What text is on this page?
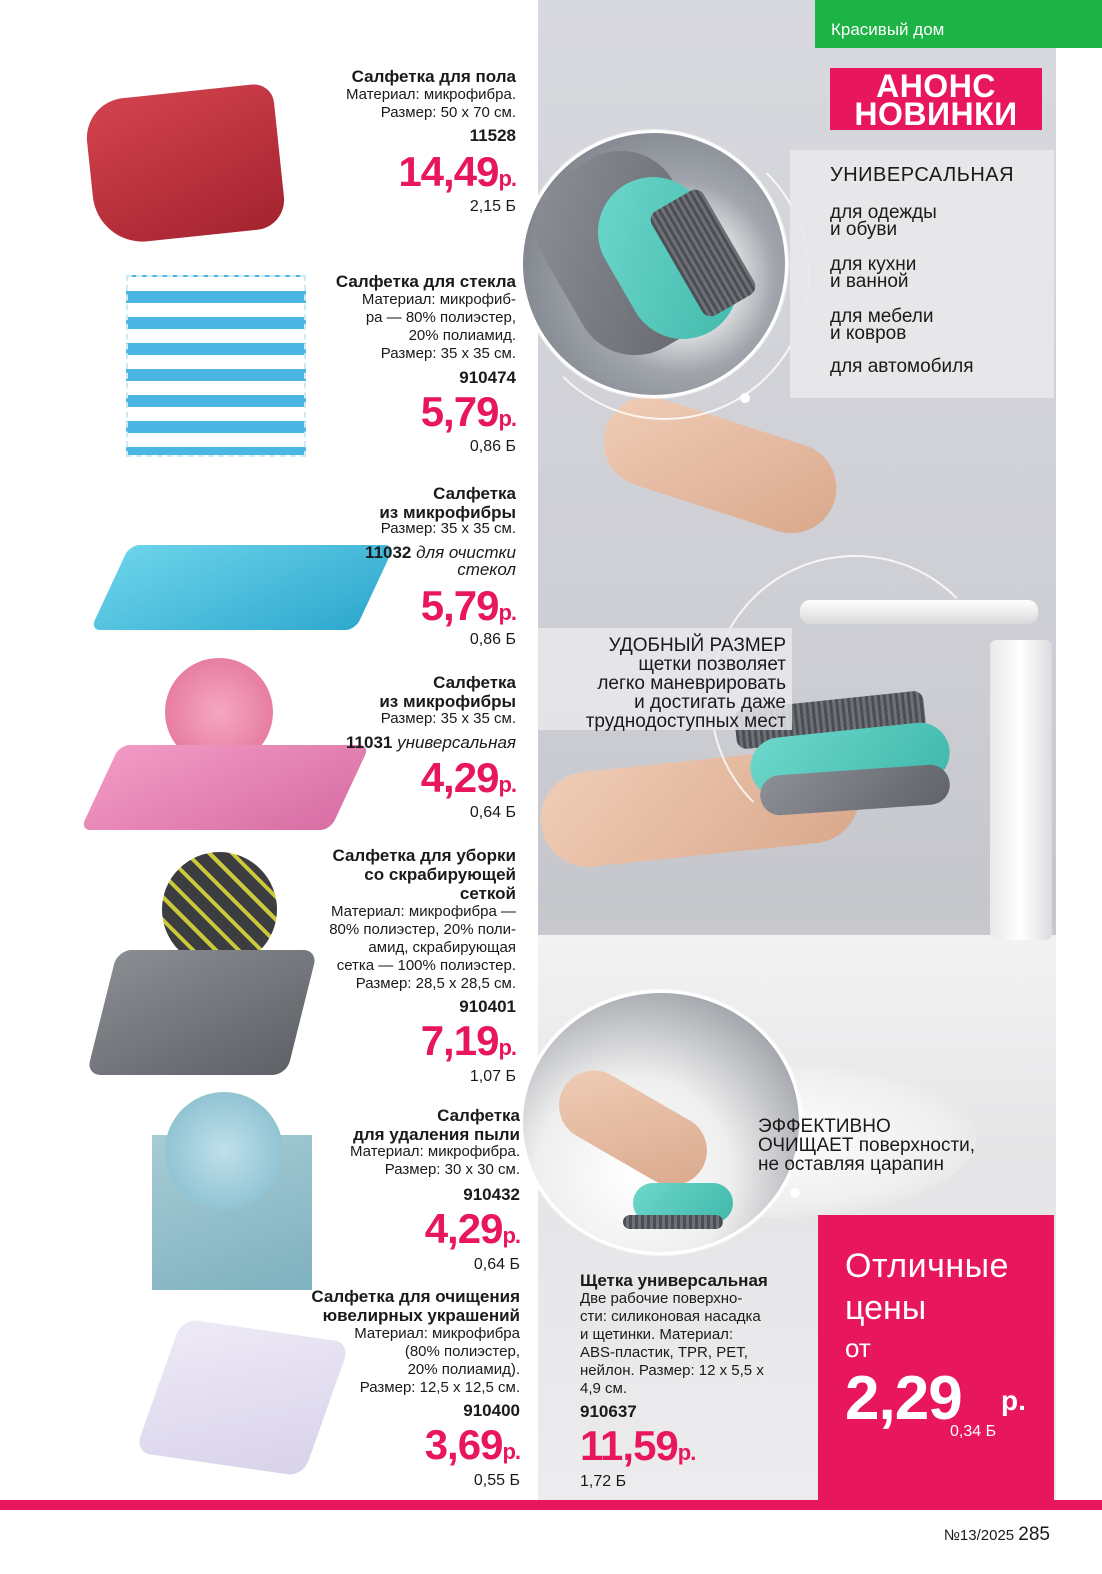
Красивый дом
АНОНС
НОВИНКИ
УНИВЕРСАЛЬНАЯ
для одежды
и обуви
для кухни
и ванной
для мебели
и ковров
для автомобиля
УДОБНЫЙ РАЗМЕР
щетки позволяет
легко маневрировать
и достигать даже
труднодоступных мест
ЭФФЕКТИВНО
ОЧИЩАЕТ поверхности,
не оставляя царапин
Салфетка для пола
Материал: микрофибра.
Размер: 50 х 70 см.
11528
14,49р.
2,15 Б
Салфетка для стекла
Материал: микрофиб-
ра — 80% полиэстер,
20% полиамид.
Размер: 35 х 35 см.
910474
5,79р.
0,86 Б
Салфетка
из микрофибры
Размер: 35 х 35 см.
11032 для очистки
стекол
5,79р.
0,86 Б
Салфетка
из микрофибры
Размер: 35 х 35 см.
11031 универсальная
4,29р.
0,64 Б
Салфетка для уборки
со скрабирующей
сеткой
Материал: микрофибра —
80% полиэстер, 20% поли-
амид, скрабирующая
сетка — 100% полиэстер.
Размер: 28,5 х 28,5 см.
910401
7,19р.
1,07 Б
Салфетка
для удаления пыли
Материал: микрофибра.
Размер: 30 х 30 см.
910432
4,29р.
0,64 Б
Салфетка для очищения
ювелирных украшений
Материал: микрофибра
(80% полиэстер,
20% полиамид).
Размер: 12,5 х 12,5 см.
910400
3,69р.
0,55 Б
Щетка универсальная
Две рабочие поверхно-
сти: силиконовая насадка
и щетинки. Материал:
ABS-пластик, TPR, PET,
нейлон. Размер: 12 х 5,5 х
4,9 см.
910637
11,59р.
1,72 Б
Отличные
цены
от
2,29 р.
0,34 Б
№13/2025 285
